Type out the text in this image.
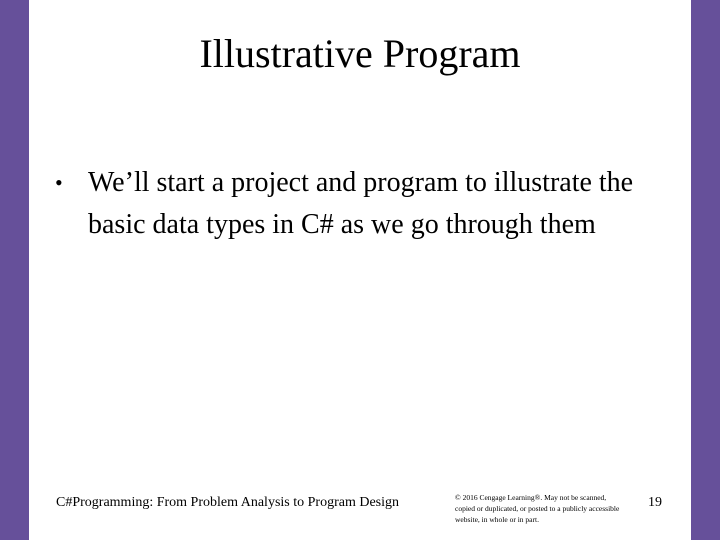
Illustrative Program
• We’ll start a project and program to illustrate the basic data types in C# as we go through them
C#Programming: From Problem Analysis to Program Design	© 2016 Cengage Learning®. May not be scanned, copied or duplicated, or posted to a publicly accessible website, in whole or in part.
19
